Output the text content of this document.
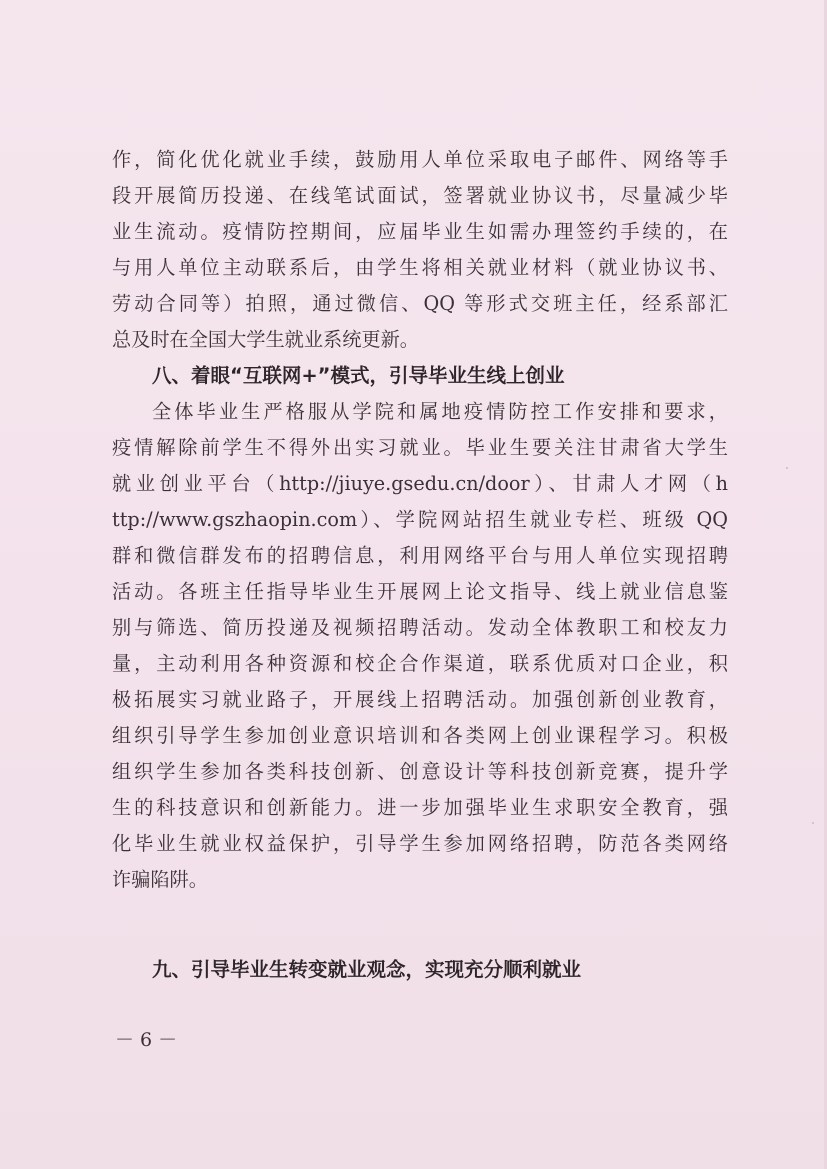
作，简化优化就业手续，鼓励用人单位采取电子邮件、网络等手
段开展简历投递、在线笔试面试，签署就业协议书，尽量减少毕
业生流动。疫情防控期间，应届毕业生如需办理签约手续的，在
与用人单位主动联系后，由学生将相关就业材料（就业协议书、
劳动合同等）拍照，通过微信、QQ 等形式交班主任，经系部汇
总及时在全国大学生就业系统更新。
八、着眼“互联网+”模式，引导毕业生线上创业
全体毕业生严格服从学院和属地疫情防控工作安排和要求，
疫情解除前学生不得外出实习就业。毕业生要关注甘肃省大学生
就业创业平台（http://jiuye.gsedu.cn/door）、甘肃人才网（h
ttp://www.gszhaopin.com）、学院网站招生就业专栏、班级 QQ
群和微信群发布的招聘信息，利用网络平台与用人单位实现招聘
活动。各班主任指导毕业生开展网上论文指导、线上就业信息鉴
别与筛选、简历投递及视频招聘活动。发动全体教职工和校友力
量，主动利用各种资源和校企合作渠道，联系优质对口企业，积
极拓展实习就业路子，开展线上招聘活动。加强创新创业教育，
组织引导学生参加创业意识培训和各类网上创业课程学习。积极
组织学生参加各类科技创新、创意设计等科技创新竞赛，提升学
生的科技意识和创新能力。进一步加强毕业生求职安全教育，强
化毕业生就业权益保护，引导学生参加网络招聘，防范各类网络
诈骗陷阱。
九、引导毕业生转变就业观念，实现充分顺利就业
－ 6 －
